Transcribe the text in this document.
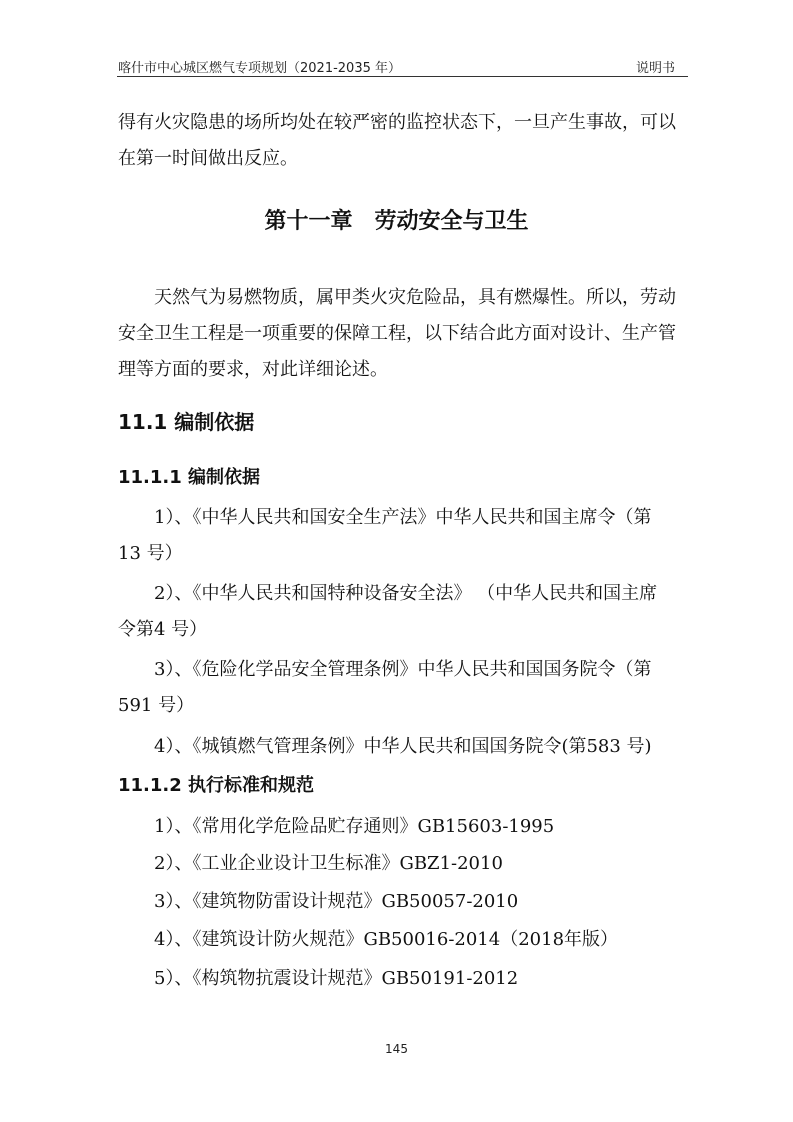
喀什市中心城区燃气专项规划（2021-2035 年）	说明书
得有火灾隐患的场所均处在较严密的监控状态下，一旦产生事故，可以
在第一时间做出反应。
第十一章　劳动安全与卫生
天然气为易燃物质，属甲类火灾危险品，具有燃爆性。所以，劳动
安全卫生工程是一项重要的保障工程，以下结合此方面对设计、生产管
理等方面的要求，对此详细论述。
11.1 编制依据
11.1.1 编制依据
1）、《中华人民共和国安全生产法》中华人民共和国主席令（第
13 号）
2）、《中华人民共和国特种设备安全法》 （中华人民共和国主席
令第4 号）
3）、《危险化学品安全管理条例》中华人民共和国国务院令（第
591 号）
4）、《城镇燃气管理条例》中华人民共和国国务院令(第583 号)
11.1.2 执行标准和规范
1）、《常用化学危险品贮存通则》GB15603-1995
2）、《工业企业设计卫生标准》GBZ1-2010
3）、《建筑物防雷设计规范》GB50057-2010
4）、《建筑设计防火规范》GB50016-2014（2018年版）
5）、《构筑物抗震设计规范》GB50191-2012
145
